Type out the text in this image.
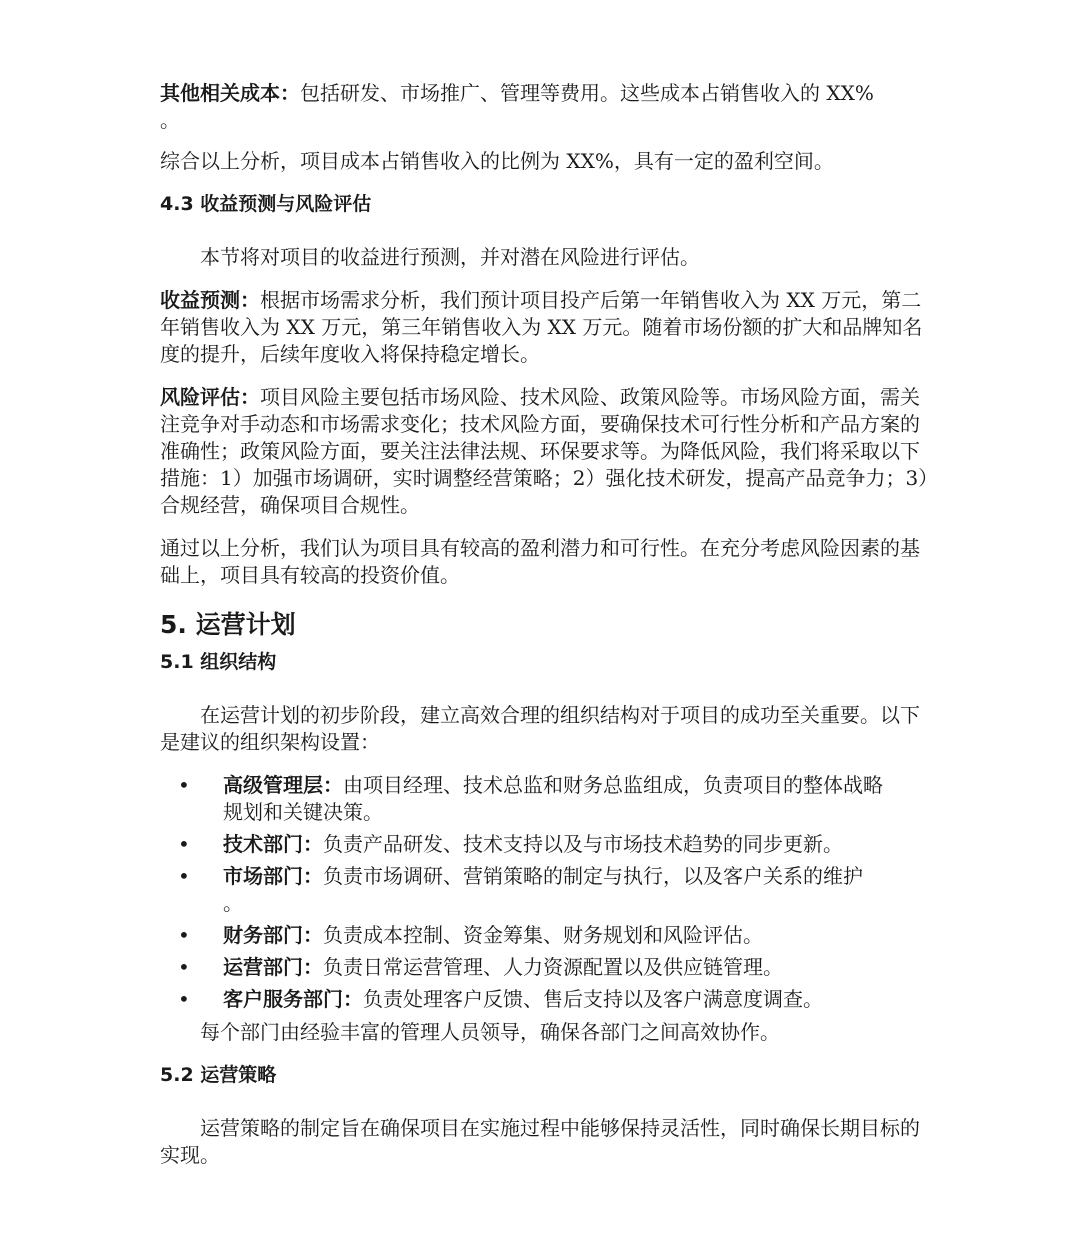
其他相关成本：包括研发、市场推广、管理等费用。这些成本占销售收入的 XX%
。

综合以上分析，项目成本占销售收入的比例为 XX%，具有一定的盈利空间。

4.3 收益预测与风险评估

本节将对项目的收益进行预测，并对潜在风险进行评估。

收益预测：根据市场需求分析，我们预计项目投产后第一年销售收入为 XX 万元，第二年销售收入为 XX 万元，第三年销售收入为 XX 万元。随着市场份额的扩大和品牌知名度的提升，后续年度收入将保持稳定增长。

风险评估：项目风险主要包括市场风险、技术风险、政策风险等。市场风险方面，需关注竞争对手动态和市场需求变化；技术风险方面，要确保技术可行性分析和产品方案的准确性；政策风险方面，要关注法律法规、环保要求等。为降低风险，我们将采取以下措施：1）加强市场调研，实时调整经营策略；2）强化技术研发，提高产品竞争力；3）合规经营，确保项目合规性。

通过以上分析，我们认为项目具有较高的盈利潜力和可行性。在充分考虑风险因素的基础上，项目具有较高的投资价值。

5. 运营计划
5.1 组织结构

在运营计划的初步阶段，建立高效合理的组织结构对于项目的成功至关重要。以下是建议的组织架构设置：

• 高级管理层：由项目经理、技术总监和财务总监组成，负责项目的整体战略规划和关键决策。
• 技术部门：负责产品研发、技术支持以及与市场技术趋势的同步更新。
• 市场部门：负责市场调研、营销策略的制定与执行，以及客户关系的维护
。
• 财务部门：负责成本控制、资金筹集、财务规划和风险评估。
• 运营部门：负责日常运营管理、人力资源配置以及供应链管理。
• 客户服务部门：负责处理客户反馈、售后支持以及客户满意度调查。

每个部门由经验丰富的管理人员领导，确保各部门之间高效协作。

5.2 运营策略

运营策略的制定旨在确保项目在实施过程中能够保持灵活性，同时确保长期目标的实现。
